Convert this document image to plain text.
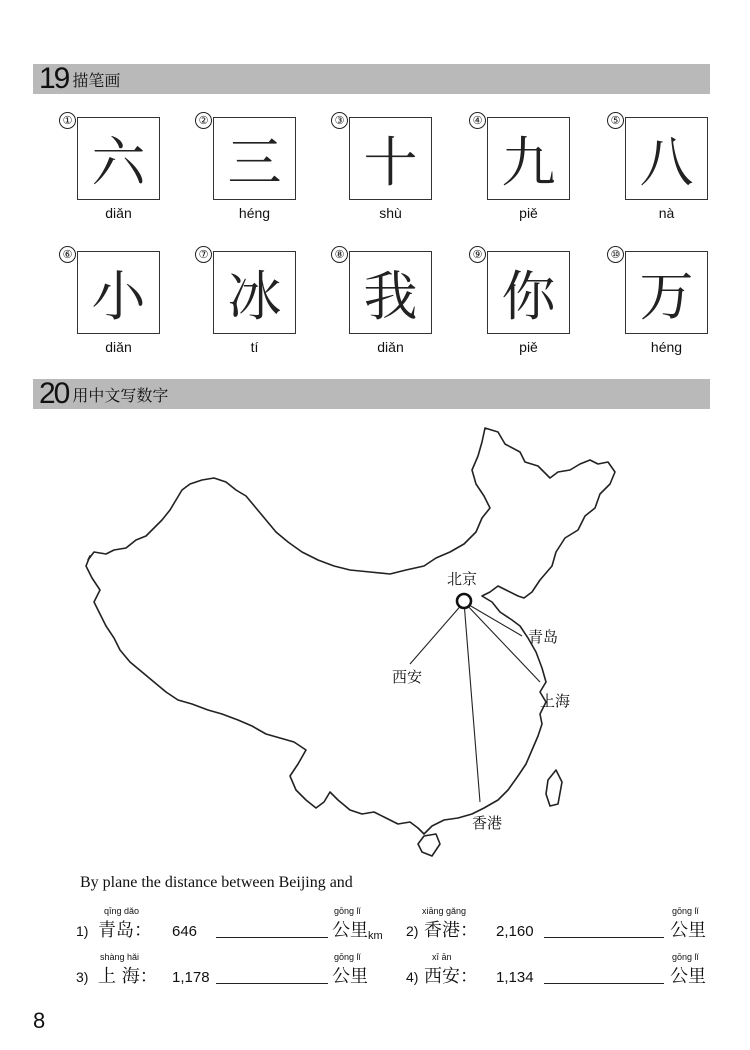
19 描笔画
①
六
diǎn
②
三
héng
③
十
shù
④
九
piě
⑤
八
nà
⑥
小
diǎn
⑦
冰
tí
⑧
我
diǎn
⑨
你
piě
⑩
万
héng
20 用中文写数字
北京
青岛
西安
上海
香港
By plane the distance between Beijing and
1)
qīng dǎo
青岛： 646
gōng lǐ
公里 km 2)
xiāng gǎng
香港： 2,160
gōng lǐ
公里
3)
shàng hǎi
上 海： 1,178
gōng lǐ
公里	4)
xī ān
西安： 1,134
gōng lǐ
公里
8
